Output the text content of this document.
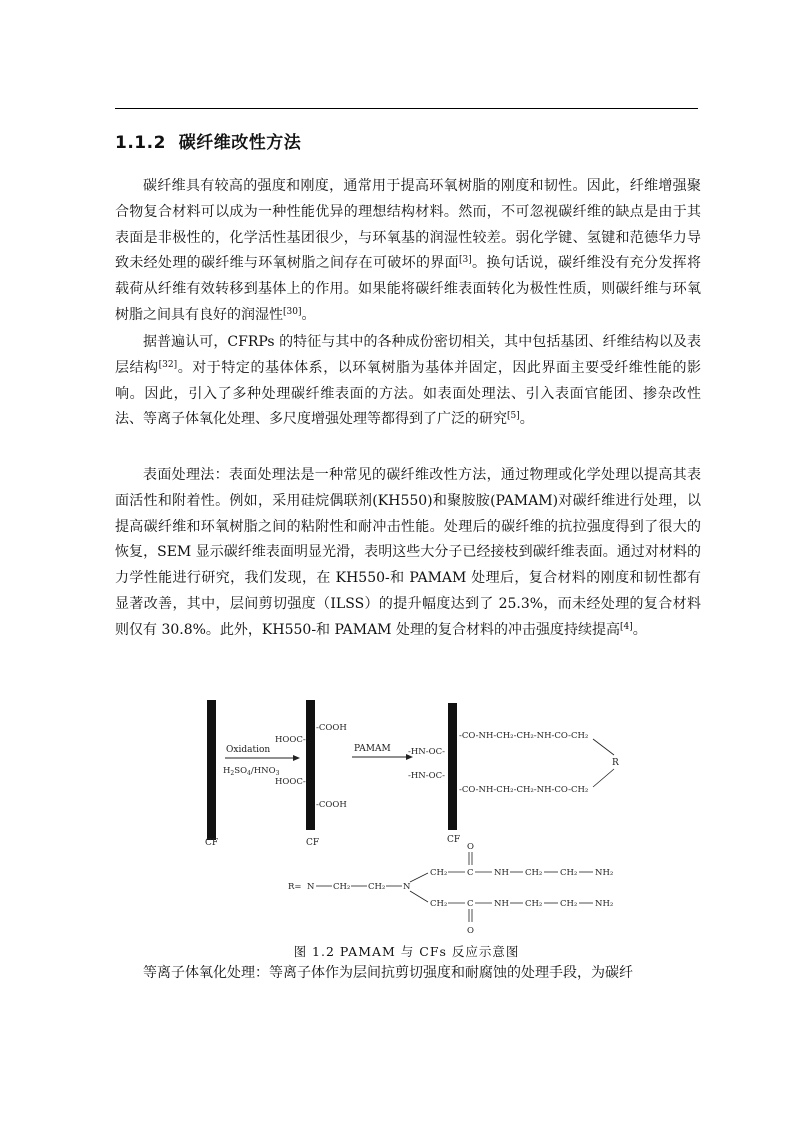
1.1.2 碳纤维改性方法

碳纤维具有较高的强度和刚度，通常用于提高环氧树脂的刚度和韧性。因此，纤维增强聚合物复合材料可以成为一种性能优异的理想结构材料。然而，不可忽视碳纤维的缺点是由于其表面是非极性的，化学活性基团很少，与环氧基的润湿性较差。弱化学键、氢键和范德华力导致未经处理的碳纤维与环氧树脂之间存在可破坏的界面[3]。换句话说，碳纤维没有充分发挥将载荷从纤维有效转移到基体上的作用。如果能将碳纤维表面转化为极性性质，则碳纤维与环氧树脂之间具有良好的润湿性[30]。

据普遍认可，CFRPs 的特征与其中的各种成份密切相关，其中包括基团、纤维结构以及表层结构[32]。对于特定的基体体系，以环氧树脂为基体并固定，因此界面主要受纤维性能的影响。因此，引入了多种处理碳纤维表面的方法。如表面处理法、引入表面官能团、掺杂改性法、等离子体氧化处理、多尺度增强处理等都得到了广泛的研究[5]。

表面处理法：表面处理法是一种常见的碳纤维改性方法，通过物理或化学处理以提高其表面活性和附着性。例如，采用硅烷偶联剂(KH550)和聚胺胺(PAMAM)对碳纤维进行处理，以提高碳纤维和环氧树脂之间的粘附性和耐冲击性能。处理后的碳纤维的抗拉强度得到了很大的恢复，SEM 显示碳纤维表面明显光滑，表明这些大分子已经接枝到碳纤维表面。通过对材料的力学性能进行研究，我们发现，在 KH550-和 PAMAM 处理后，复合材料的刚度和韧性都有显著改善，其中，层间剪切强度（ILSS）的提升幅度达到了 25.3%，而未经处理的复合材料则仅有 30.8%。此外，KH550-和 PAMAM 处理的复合材料的冲击强度持续提高[4]。

CF	CF	CF
Oxidation
$H_2SO_4/HNO_3$
-COOH
HOOC-
HOOC-
-COOH
PAMAM
-CO-NH-CH₂-CH₂-NH-CO-CH₂
-HN-OC-
-HN-OC-
-CO-NH-CH₂-CH₂-NH-CO-CH₂
R
R= N CH₂ CH₂ N
CH₂ C
O
NH CH₂ CH₂ NH₂
CH₂ C
O
NH CH₂ CH₂ NH₂
图 1.2 PAMAM 与 CFs 反应示意图

等离子体氧化处理：等离子体作为层间抗剪切强度和耐腐蚀的处理手段，为碳纤
